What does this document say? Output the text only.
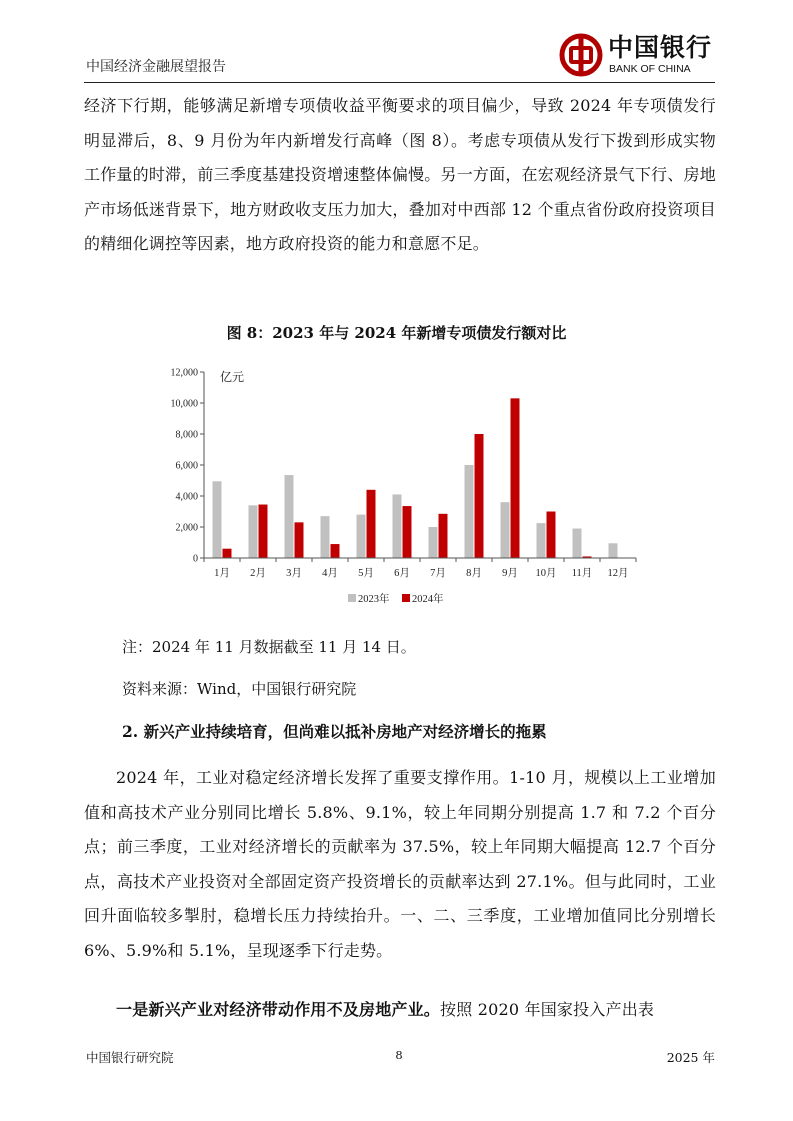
中国经济金融展望报告
中国银行
BANK OF CHINA

经济下行期，能够满足新增专项债收益平衡要求的项目偏少，导致 2024 年专项债发行明显滞后，8、9 月份为年内新增发行高峰（图 8）。考虑专项债从发行下拨到形成实物工作量的时滞，前三季度基建投资增速整体偏慢。另一方面，在宏观经济景气下行、房地产市场低迷背景下，地方财政收支压力加大，叠加对中西部 12 个重点省份政府投资项目的精细化调控等因素，地方政府投资的能力和意愿不足。

图 8：2023 年与 2024 年新增专项债发行额对比
0
2,000
4,000
6,000
8,000
10,000
12,000
1月 2月 3月 4月 5月 6月 7月 8月 9月 10月 11月 12月
亿元
2023年 2024年
注：2024 年 11 月数据截至 11 月 14 日。
资料来源：Wind，中国银行研究院
2. 新兴产业持续培育，但尚难以抵补房地产对经济增长的拖累

2024 年，工业对稳定经济增长发挥了重要支撑作用。1-10 月，规模以上工业增加值和高技术产业分别同比增长 5.8%、9.1%，较上年同期分别提高 1.7 和 7.2 个百分点；前三季度，工业对经济增长的贡献率为 37.5%，较上年同期大幅提高 12.7 个百分点，高技术产业投资对全部固定资产投资增长的贡献率达到 27.1%。但与此同时，工业回升面临较多掣肘，稳增长压力持续抬升。一、二、三季度，工业增加值同比分别增长 6%、5.9%和 5.1%，呈现逐季下行走势。

一是新兴产业对经济带动作用不及房地产业。按照 2020 年国家投入产出表

中国银行研究院	8	2025 年
